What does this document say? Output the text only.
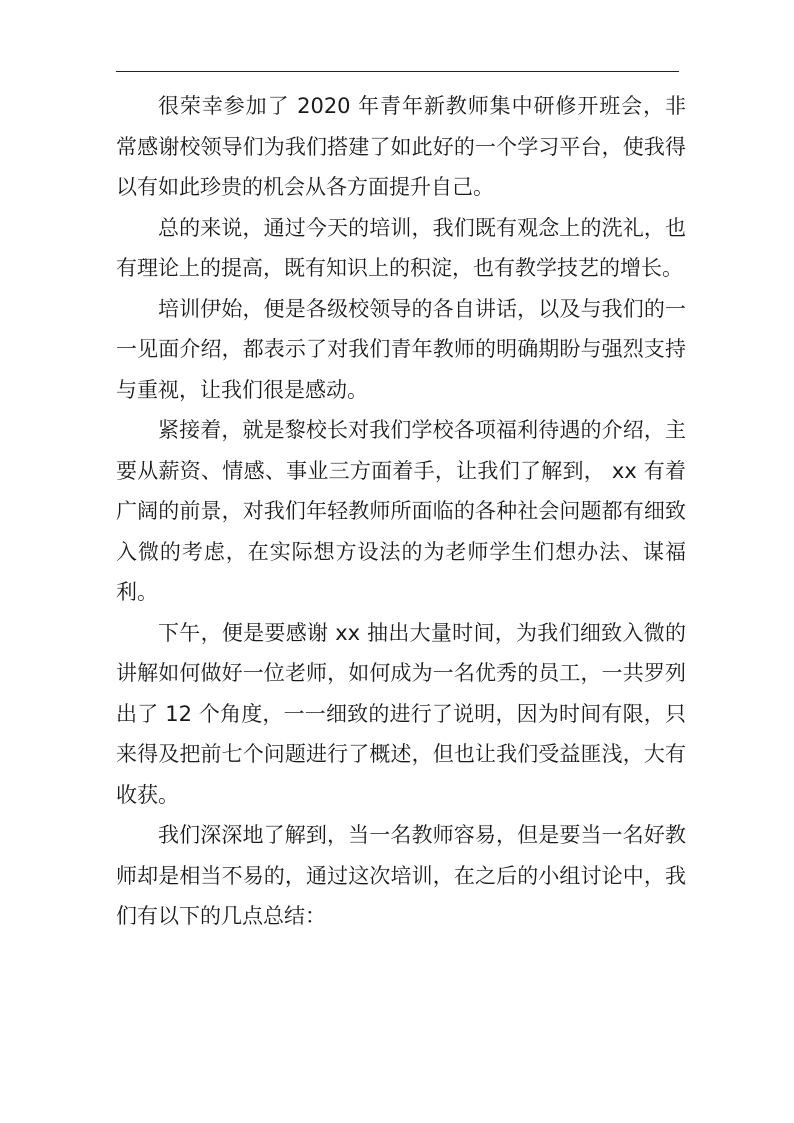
很荣幸参加了 2020 年青年新教师集中研修开班会，非常感谢校领导们为我们搭建了如此好的一个学习平台，使我得以有如此珍贵的机会从各方面提升自己。

总的来说，通过今天的培训，我们既有观念上的洗礼，也有理论上的提高，既有知识上的积淀，也有教学技艺的增长。

培训伊始，便是各级校领导的各自讲话，以及与我们的一一见面介绍，都表示了对我们青年教师的明确期盼与强烈支持与重视，让我们很是感动。

紧接着，就是黎校长对我们学校各项福利待遇的介绍，主要从薪资、情感、事业三方面着手，让我们了解到， xx 有着广阔的前景，对我们年轻教师所面临的各种社会问题都有细致入微的考虑，在实际想方设法的为老师学生们想办法、谋福利。

下午，便是要感谢 xx 抽出大量时间，为我们细致入微的讲解如何做好一位老师，如何成为一名优秀的员工，一共罗列出了 12 个角度，一一细致的进行了说明，因为时间有限，只来得及把前七个问题进行了概述，但也让我们受益匪浅，大有收获。

我们深深地了解到，当一名教师容易，但是要当一名好教师却是相当不易的，通过这次培训，在之后的小组讨论中，我们有以下的几点总结：
